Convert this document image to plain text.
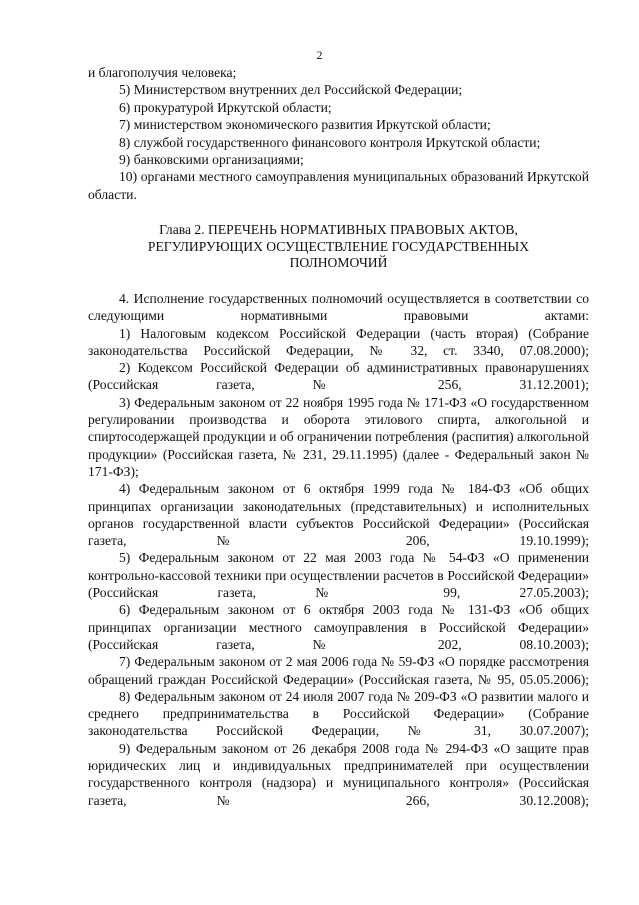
2

и благополучия человека;

5) Министерством внутренних дел Российской Федерации;

6) прокуратурой Иркутской области;

7) министерством экономического развития Иркутской области;

8) службой государственного финансового контроля Иркутской области;

9) банковскими организациями;

10) органами местного самоуправления муниципальных образований Иркутской области.

Глава 2. ПЕРЕЧЕНЬ НОРМАТИВНЫХ ПРАВОВЫХ АКТОВ,

РЕГУЛИРУЮЩИХ ОСУЩЕСТВЛЕНИЕ ГОСУДАРСТВЕННЫХ

ПОЛНОМОЧИЙ

4. Исполнение государственных полномочий осуществляется в соответствии со следующими нормативными правовыми актами:

1) Налоговым кодексом Российской Федерации (часть вторая) (Собрание законодательства Российской Федерации, № 32, ст. 3340, 07.08.2000);

2) Кодексом Российской Федерации об административных правонарушениях (Российская газета, № 256, 31.12.2001);

3) Федеральным законом от 22 ноября 1995 года № 171-ФЗ «О государственном регулировании производства и оборота этилового спирта, алкогольной и спиртосодержащей продукции и об ограничении потребления (распития) алкогольной продукции» (Российская газета, № 231, 29.11.1995) (далее - Федеральный закон № 171-ФЗ);

4) Федеральным законом от 6 октября 1999 года № 184-ФЗ «Об общих принципах организации законодательных (представительных) и исполнительных органов государственной власти субъектов Российской Федерации» (Российская газета, № 206, 19.10.1999);

5) Федеральным законом от 22 мая 2003 года № 54-ФЗ «О применении контрольно-кассовой техники при осуществлении расчетов в Российской Федерации» (Российская газета, № 99, 27.05.2003);

6) Федеральным законом от 6 октября 2003 года № 131-ФЗ «Об общих принципах организации местного самоуправления в Российской Федерации» (Российская газета, № 202, 08.10.2003);

7) Федеральным законом от 2 мая 2006 года № 59-ФЗ «О порядке рассмотрения обращений граждан Российской Федерации» (Российская газета, № 95, 05.05.2006);

8) Федеральным законом от 24 июля 2007 года № 209-ФЗ «О развитии малого и среднего предпринимательства в Российской Федерации» (Собрание законодательства Российской Федерации, № 31, 30.07.2007);

9) Федеральным законом от 26 декабря 2008 года № 294-ФЗ «О защите прав юридических лиц и индивидуальных предпринимателей при осуществлении государственного контроля (надзора) и муниципального контроля» (Российская газета, № 266, 30.12.2008);
